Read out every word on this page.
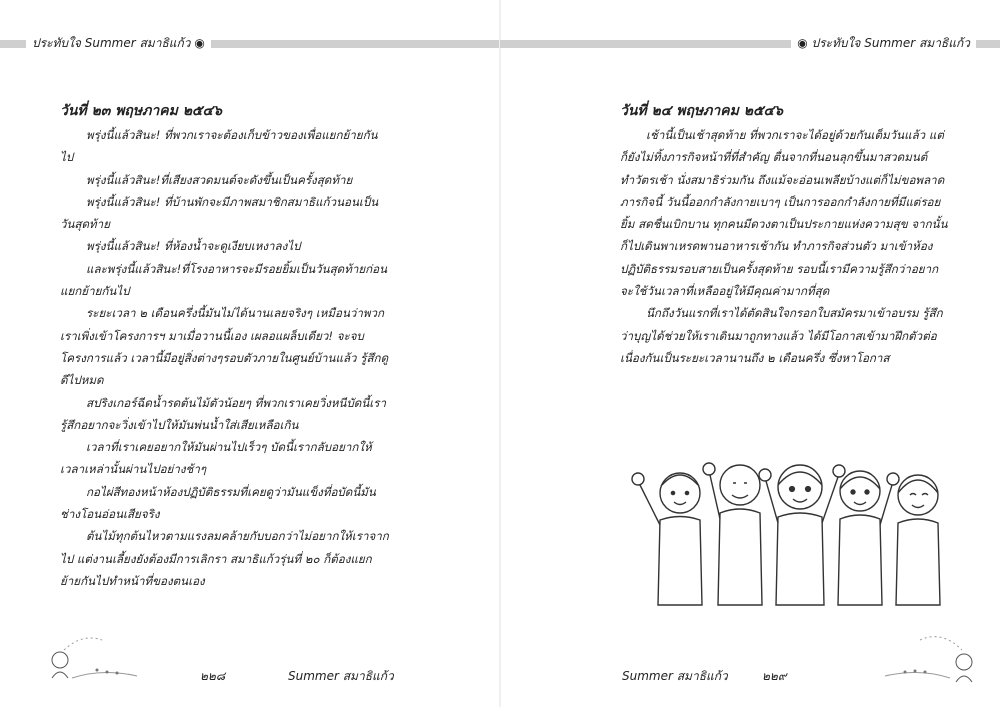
ประทับใจ Summer สมาธิแก้ว ◉
วันที่ ๒๓ พฤษภาคม ๒๕๔๖

พรุ่งนี้แล้วสินะ! ที่พวกเราจะต้องเก็บข้าวของเพื่อแยกย้ายกันไป

พรุ่งนี้แล้วสินะ!ที่เสียงสวดมนต์จะดังขึ้นเป็นครั้งสุดท้าย

พรุ่งนี้แล้วสินะ! ที่บ้านพักจะมีภาพสมาชิกสมาธิแก้วนอนเป็นวันสุดท้าย

พรุ่งนี้แล้วสินะ! ที่ห้องน้ำจะดูเงียบเหงาลงไป

และพรุ่งนี้แล้วสินะ!ที่โรงอาหารจะมีรอยยิ้มเป็นวันสุดท้ายก่อนแยกย้ายกันไป

ระยะเวลา ๒ เดือนครึ่งนี้มันไม่ได้นานเลยจริงๆ เหมือนว่าพวกเราเพิ่งเข้าโครงการฯ มาเมื่อวานนี้เอง เผลอแผล็บเดียว! จะจบโครงการแล้ว เวลานี้มีอยู่สิ่งต่างๆรอบตัวภายในศูนย์บ้านแล้ว รู้สึกดูดีไปหมด

สปริงเกอร์ฉีดน้ำรดต้นไม้ตัวน้อยๆ ที่พวกเราเคยวิ่งหนีบัดนี้เรารู้สึกอยากจะวิ่งเข้าไปให้มันพ่นน้ำใส่เสียเหลือเกิน

เวลาที่เราเคยอยากให้มันผ่านไปเร็วๆ บัดนี้เรากลับอยากให้เวลาเหล่านั้นผ่านไปอย่างช้าๆ

กอไผ่สีทองหน้าห้องปฏิบัติธรรมที่เคยดูว่ามันแข็งที่อบัดนี้มันช่างโอนอ่อนเสียจริง

ต้นไม้ทุกต้นไหวตามแรงลมคล้ายกับบอกว่าไม่อยากให้เราจากไป แต่งานเลี้ยงยังต้องมีการเลิกรา สมาธิแก้วรุ่นที่ ๒๐ ก็ต้องแยกย้ายกันไปทำหน้าที่ของตนเอง

๒๒๘	Summer สมาธิแก้ว
◉ ประทับใจ Summer สมาธิแก้ว
วันที่ ๒๔ พฤษภาคม ๒๕๔๖

เช้านี้เป็นเช้าสุดท้าย ที่พวกเราจะได้อยู่ด้วยกันเต็มวันแล้ว แต่ก็ยังไม่ทิ้งภารกิจหน้าที่ที่สำคัญ ตื่นจากที่นอนลุกขึ้นมาสวดมนต์ ทำวัตรเช้า นั่งสมาธิร่วมกัน ถึงแม้จะอ่อนเพลียบ้างแต่ก็ไม่ขอพลาดภารกิจนี้ วันนี้ออกกำลังกายเบาๆ เป็นการออกกำลังกายที่มีแต่รอยยิ้ม สดชื่นเบิกบาน ทุกคนมีดวงตาเป็นประกายแห่งความสุข จากนั้นก็ไปเดินพาเหรดพานอาหารเช้ากัน ทำภารกิจส่วนตัว มาเข้าห้องปฏิบัติธรรมรอบสายเป็นครั้งสุดท้าย รอบนี้เรามีความรู้สึกว่าอยากจะใช้วันเวลาที่เหลืออยู่ให้มีคุณค่ามากที่สุด

นึกถึงวันแรกที่เราได้ตัดสินใจกรอกใบสมัครมาเข้าอบรม รู้สึกว่าบุญได้ช่วยให้เราเดินมาถูกทางแล้ว ได้มีโอกาสเข้ามาฝึกตัวต่อเนื่องกันเป็นระยะเวลานานถึง ๒ เดือนครึ่ง ซึ่งหาโอกาส

Summer สมาธิแก้ว	๒๒๙
